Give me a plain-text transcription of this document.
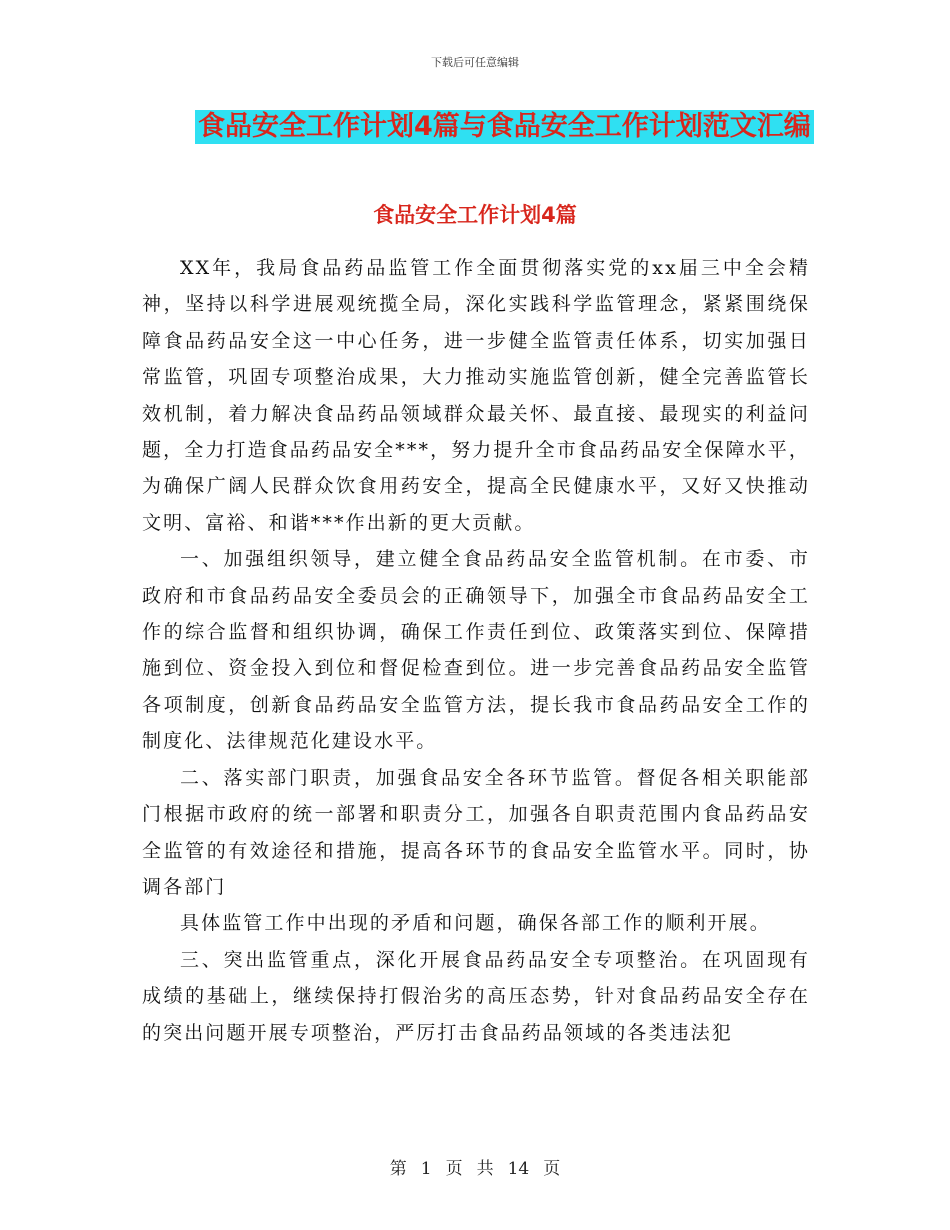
下载后可任意编辑
食品安全工作计划4篇与食品安全工作计划范文汇编
食品安全工作计划4篇

XX年，我局食品药品监管工作全面贯彻落实党的xx届三中全会精神，坚持以科学进展观统揽全局，深化实践科学监管理念，紧紧围绕保障食品药品安全这一中心任务，进一步健全监管责任体系，切实加强日常监管，巩固专项整治成果，大力推动实施监管创新，健全完善监管长效机制，着力解决食品药品领域群众最关怀、最直接、最现实的利益问题，全力打造食品药品安全***，努力提升全市食品药品安全保障水平，为确保广阔人民群众饮食用药安全，提高全民健康水平，又好又快推动文明、富裕、和谐***作出新的更大贡献。

一、加强组织领导，建立健全食品药品安全监管机制。在市委、市政府和市食品药品安全委员会的正确领导下，加强全市食品药品安全工作的综合监督和组织协调，确保工作责任到位、政策落实到位、保障措施到位、资金投入到位和督促检查到位。进一步完善食品药品安全监管各项制度，创新食品药品安全监管方法，提长我市食品药品安全工作的制度化、法律规范化建设水平。

二、落实部门职责，加强食品安全各环节监管。督促各相关职能部门根据市政府的统一部署和职责分工，加强各自职责范围内食品药品安全监管的有效途径和措施，提高各环节的食品安全监管水平。同时，协调各部门

具体监管工作中出现的矛盾和问题，确保各部工作的顺利开展。

三、突出监管重点，深化开展食品药品安全专项整治。在巩固现有成绩的基础上，继续保持打假治劣的高压态势，针对食品药品安全存在的突出问题开展专项整治，严厉打击食品药品领域的各类违法犯

第 1 页 共 14 页
